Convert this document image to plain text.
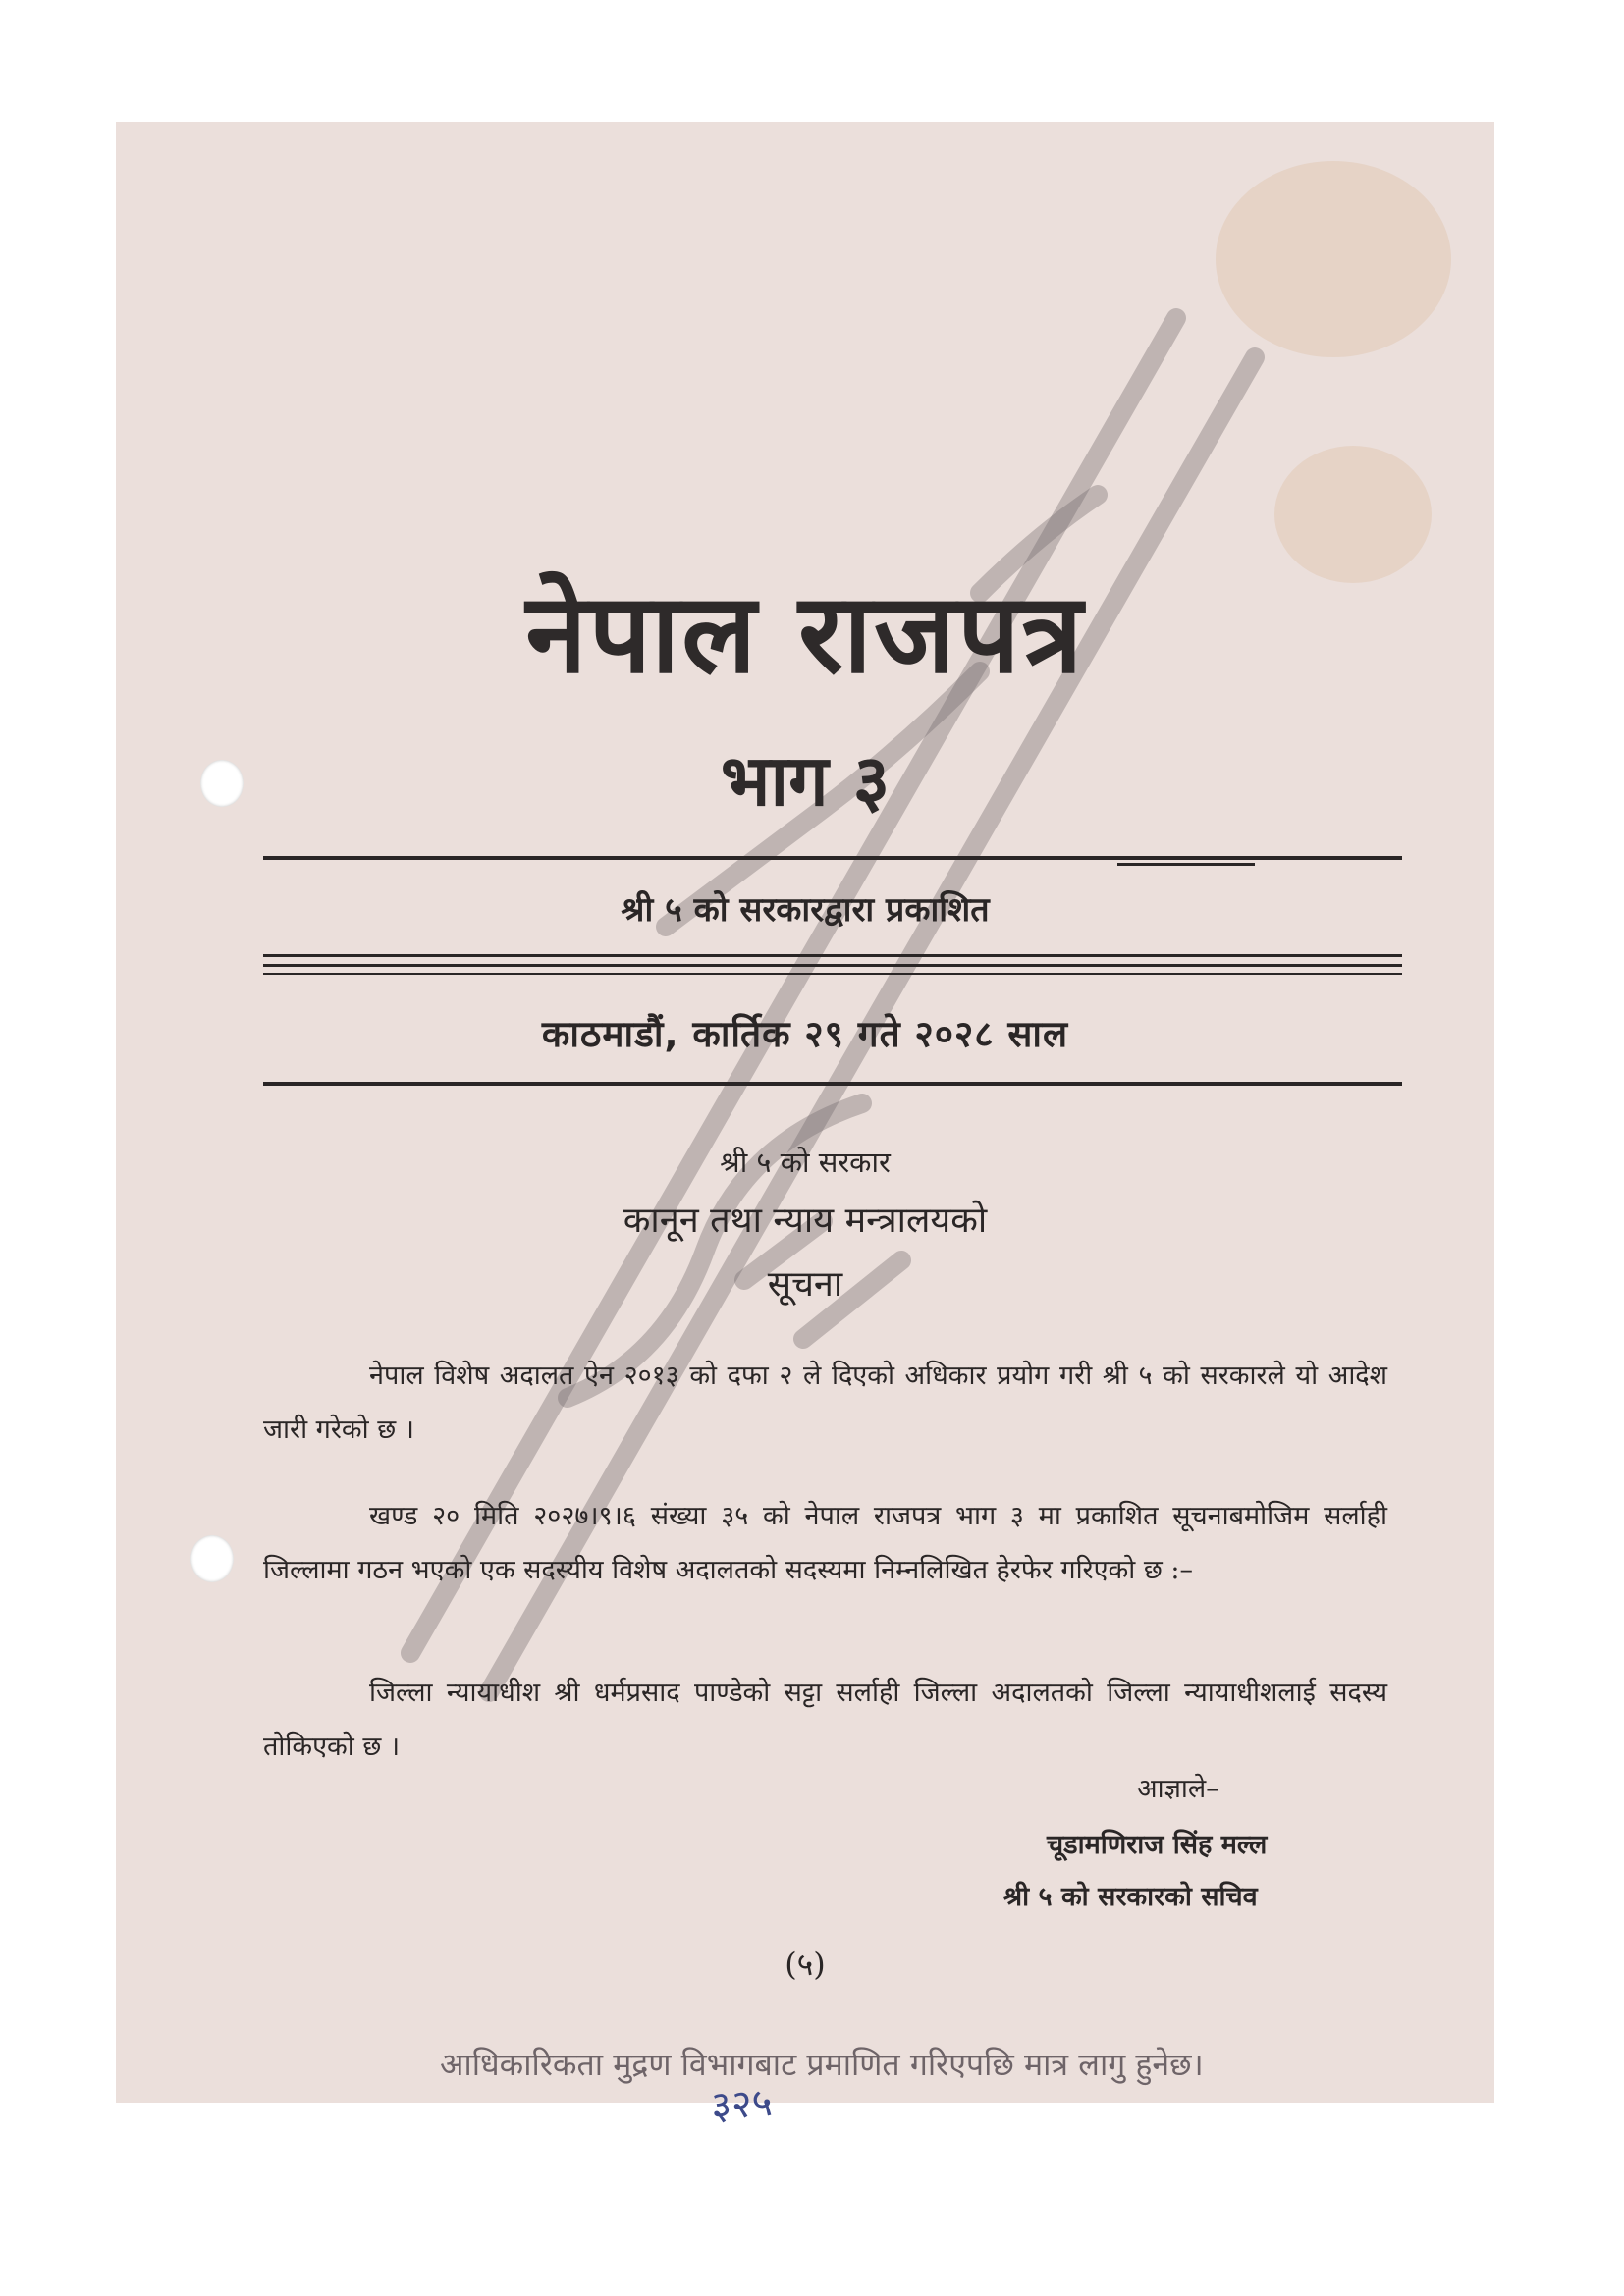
नेपाल राजपत्र
भाग ३
श्री ५ को सरकारद्वारा प्रकाशित
काठमाडौं, कार्तिक २९ गते २०२८ साल
श्री ५ को सरकार
कानून तथा न्याय मन्त्रालयको
सूचना
नेपाल विशेष अदालत ऐन २०१३ को दफा २ ले दिएको अधिकार प्रयोग गरी श्री ५ को सरकारले यो आदेश जारी गरेको छ ।
खण्ड २० मिति २०२७।९।६ संख्या ३५ को नेपाल राजपत्र भाग ३ मा प्रकाशित सूचनाबमोजिम सर्लाही जिल्लामा गठन भएको एक सदस्यीय विशेष अदालतको सदस्यमा निम्नलिखित हेरफेर गरिएको छ :–
जिल्ला न्यायाधीश श्री धर्मप्रसाद पाण्डेको सट्टा सर्लाही जिल्ला अदालतको जिल्ला न्यायाधीशलाई सदस्य तोकिएको छ ।
आज्ञाले–
चूडामणिराज सिंह मल्ल
श्री ५ को सरकारको सचिव
(५)
आधिकारिकता मुद्रण विभागबाट प्रमाणित गरिएपछि मात्र लागु हुनेछ।
३२५
